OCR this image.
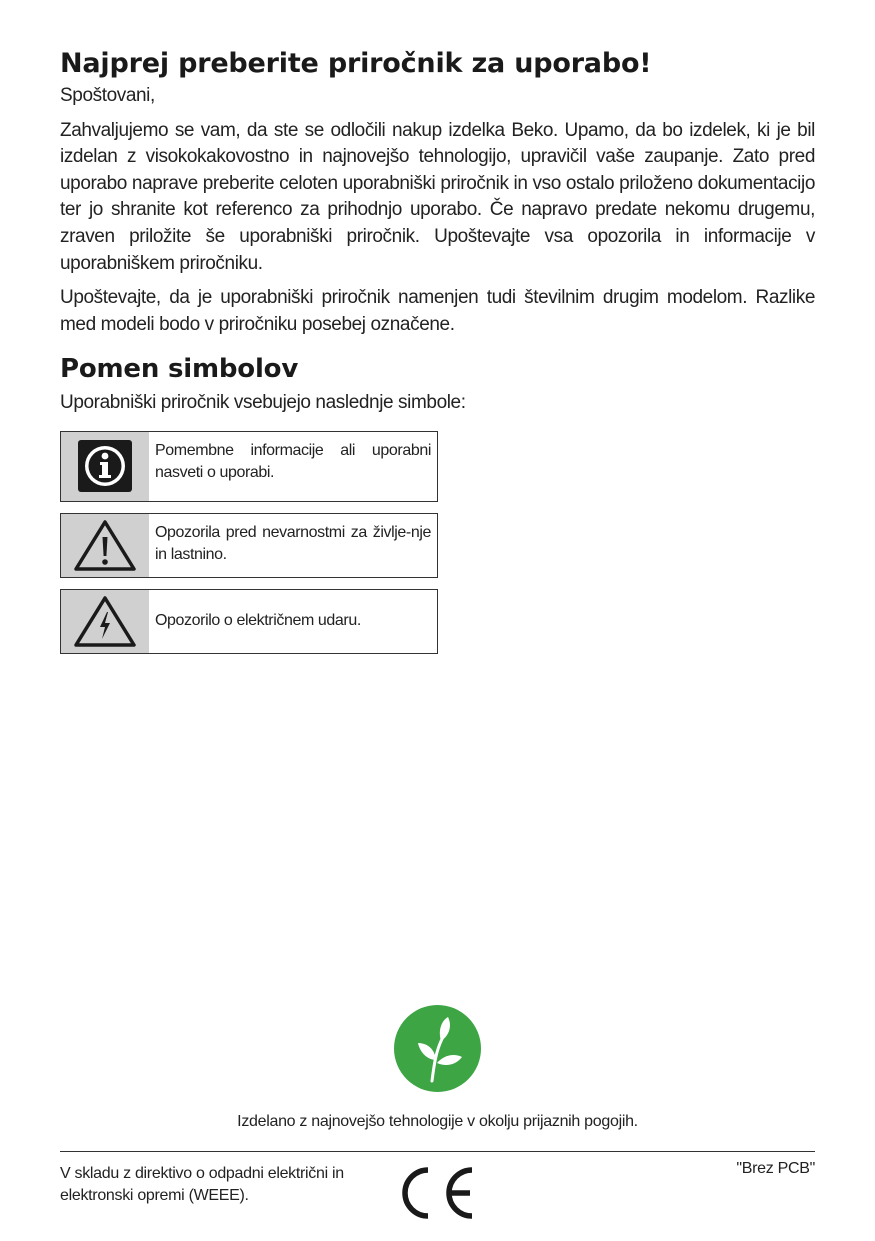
Najprej preberite priročnik za uporabo!

Spoštovani,

Zahvaljujemo se vam, da ste se odločili nakup izdelka Beko. Upamo, da bo izdelek, ki je bil izdelan z visokokakovostno in najnovejšo tehnologijo, upravičil vaše zaupanje. Zato pred uporabo naprave preberite celoten uporabniški priročnik in vso ostalo priloženo dokumentacijo ter jo shranite kot referenco za prihodnjo uporabo. Če napravo predate nekomu drugemu, zraven priložite še uporabniški priročnik. Upoštevajte vsa opozorila in informacije v uporabniškem priročniku.

Upoštevajte, da je uporabniški priročnik namenjen tudi številnim drugim modelom. Razlike med modeli bodo v priročniku posebej označene.

Pomen simbolov

Uporabniški priročnik vsebujejo naslednje simbole:

Pomembne informacije ali uporabni nasveti o uporabi.
Opozorila pred nevarnostmi za življe-nje in lastnino.
Opozorilo o električnem udaru.
Izdelano z najnovejšo tehnologije v okolju prijaznih pogojih.
V skladu z direktivo o odpadni električni in elektronski opremi (WEEE).
"Brez PCB"
